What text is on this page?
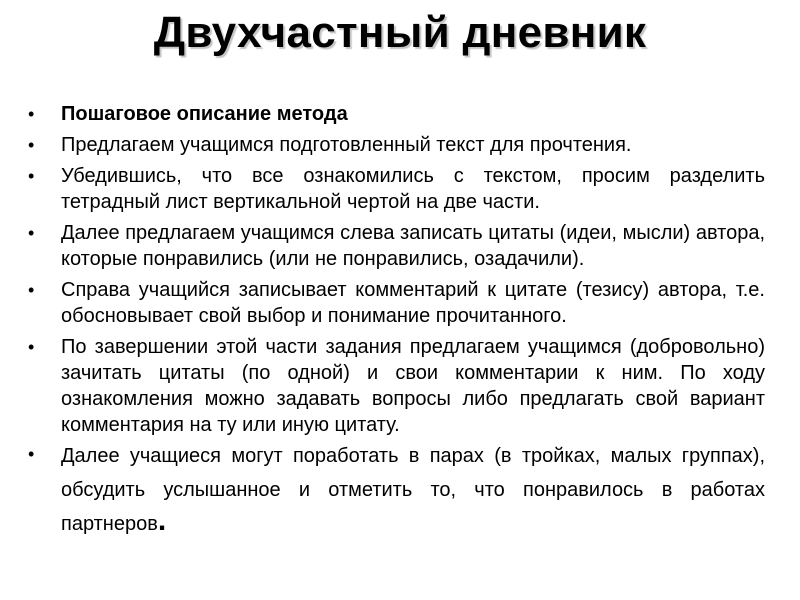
Двухчастный дневник
• Пошаговое описание метода
• Предлагаем учащимся подготовленный текст для прочтения.
• Убедившись, что все ознакомились с текстом, просим разделить тетрадный лист вертикальной чертой на две части.
• Далее предлагаем учащимся слева записать цитаты (идеи, мысли) автора, которые понравились (или не понравились, озадачили).
• Справа учащийся записывает комментарий к цитате (тезису) автора, т.е. обосновывает свой выбор и понимание прочитанного.
• По завершении этой части задания предлагаем учащимся (добровольно) зачитать цитаты (по одной) и свои комментарии к ним. По ходу ознакомления можно задавать вопросы либо предлагать свой вариант комментария на ту или иную цитату.
• Далее учащиеся могут поработать в парах (в тройках, малых группах), обсудить услышанное и отметить то, что понравилось в работах партнеров.
